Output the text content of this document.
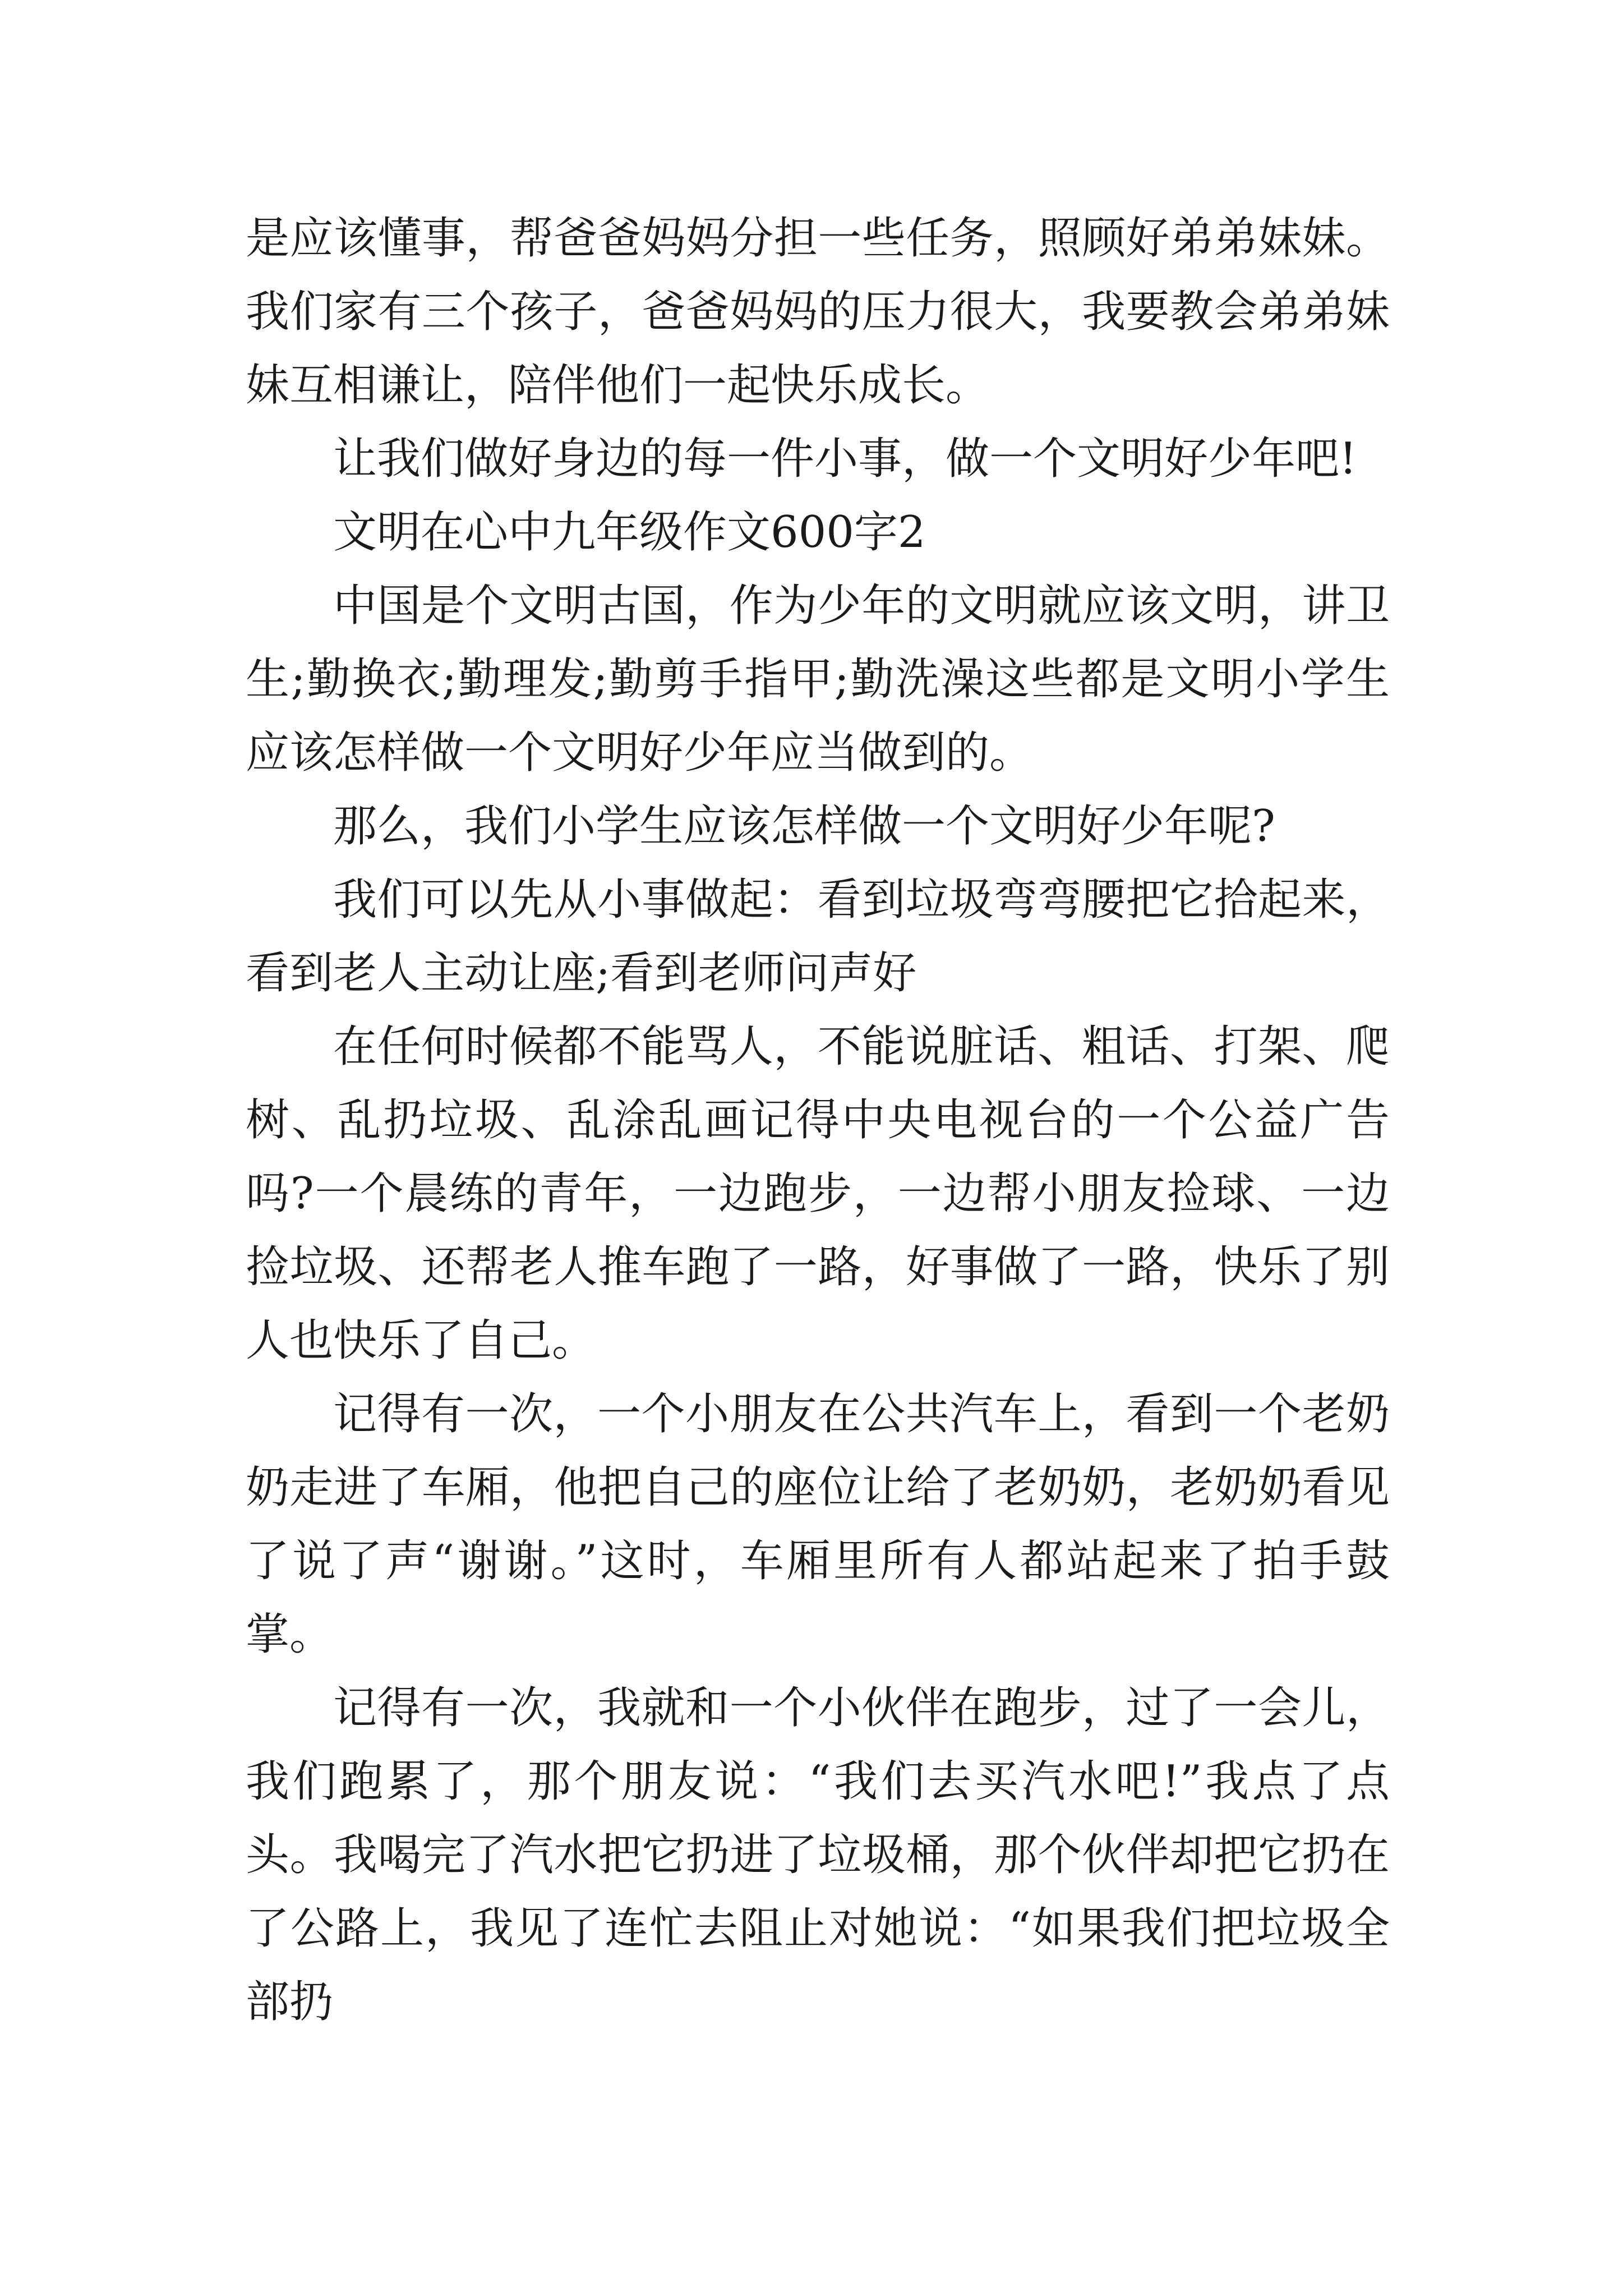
是应该懂事，帮爸爸妈妈分担一些任务，照顾好弟弟妹妹。我们家有三个孩子，爸爸妈妈的压力很大，我要教会弟弟妹妹互相谦让，陪伴他们一起快乐成长。

让我们做好身边的每一件小事，做一个文明好少年吧!

文明在心中九年级作文600字2

中国是个文明古国，作为少年的文明就应该文明，讲卫生;勤换衣;勤理发;勤剪手指甲;勤洗澡这些都是文明小学生应该怎样做一个文明好少年应当做到的。

那么，我们小学生应该怎样做一个文明好少年呢?

我们可以先从小事做起：看到垃圾弯弯腰把它拾起来，看到老人主动让座;看到老师问声好

在任何时候都不能骂人，不能说脏话、粗话、打架、爬树、乱扔垃圾、乱涂乱画记得中央电视台的一个公益广告吗?一个晨练的青年，一边跑步，一边帮小朋友捡球、一边捡垃圾、还帮老人推车跑了一路，好事做了一路，快乐了别人也快乐了自己。

记得有一次，一个小朋友在公共汽车上，看到一个老奶奶走进了车厢，他把自己的座位让给了老奶奶，老奶奶看见了说了声“谢谢。”这时，车厢里所有人都站起来了拍手鼓掌。

记得有一次，我就和一个小伙伴在跑步，过了一会儿，我们跑累了，那个朋友说：“我们去买汽水吧!”我点了点头。我喝完了汽水把它扔进了垃圾桶，那个伙伴却把它扔在了公路上，我见了连忙去阻止对她说：“如果我们把垃圾全部扔
